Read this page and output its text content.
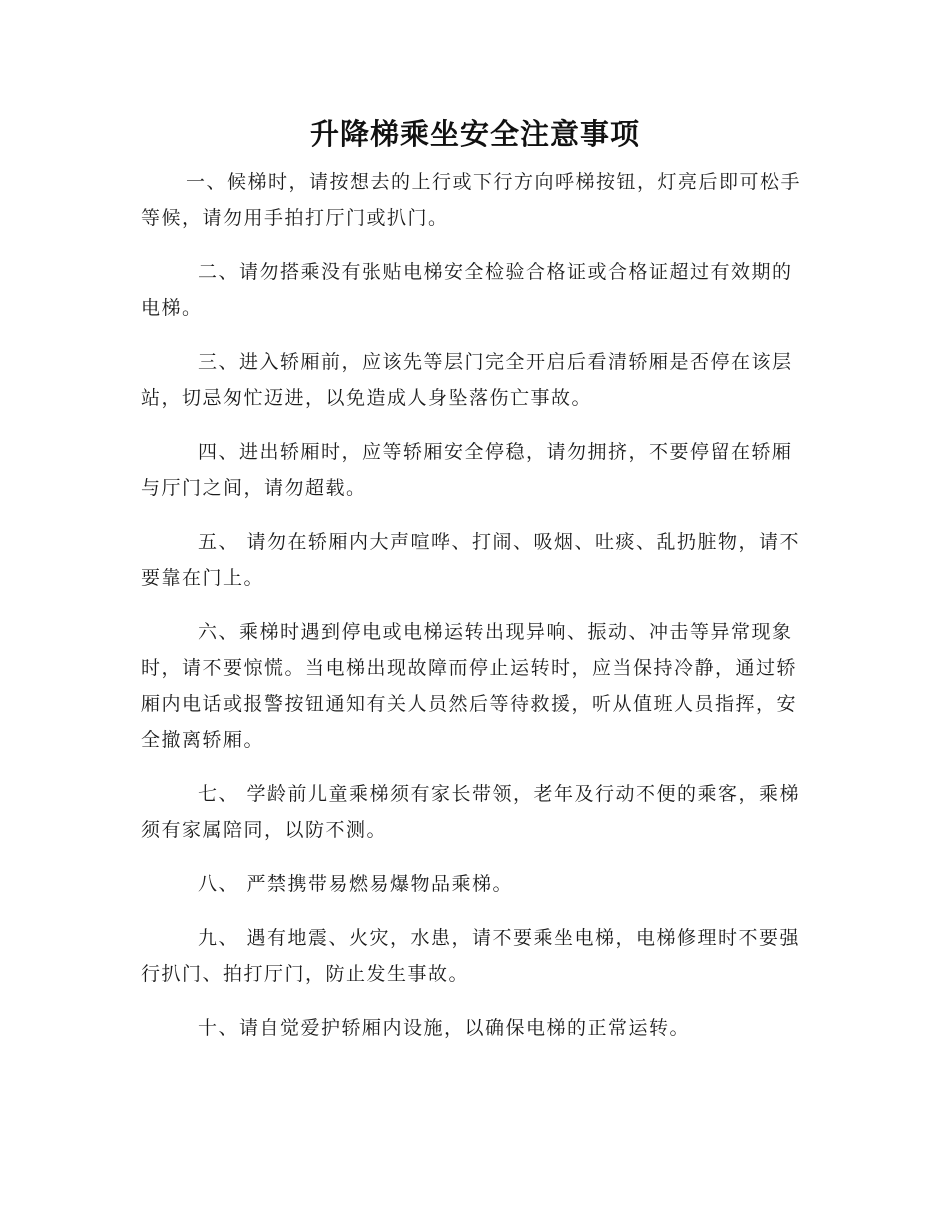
升降梯乘坐安全注意事项

一、候梯时，请按想去的上行或下行方向呼梯按钮，灯亮后即可松手等候，请勿用手拍打厅门或扒门。

二、请勿搭乘没有张贴电梯安全检验合格证或合格证超过有效期的电梯。

三、进入轿厢前，应该先等层门完全开启后看清轿厢是否停在该层站，切忌匆忙迈进，以免造成人身坠落伤亡事故。

四、进出轿厢时，应等轿厢安全停稳，请勿拥挤，不要停留在轿厢与厅门之间，请勿超载。

五、 请勿在轿厢内大声喧哗、打闹、吸烟、吐痰、乱扔脏物，请不要靠在门上。

六、乘梯时遇到停电或电梯运转出现异响、振动、冲击等异常现象时，请不要惊慌。当电梯出现故障而停止运转时，应当保持冷静，通过轿厢内电话或报警按钮通知有关人员然后等待救援，听从值班人员指挥，安全撤离轿厢。

七、 学龄前儿童乘梯须有家长带领，老年及行动不便的乘客，乘梯须有家属陪同，以防不测。

八、 严禁携带易燃易爆物品乘梯。

九、 遇有地震、火灾，水患，请不要乘坐电梯，电梯修理时不要强行扒门、拍打厅门，防止发生事故。

十、请自觉爱护轿厢内设施，以确保电梯的正常运转。
